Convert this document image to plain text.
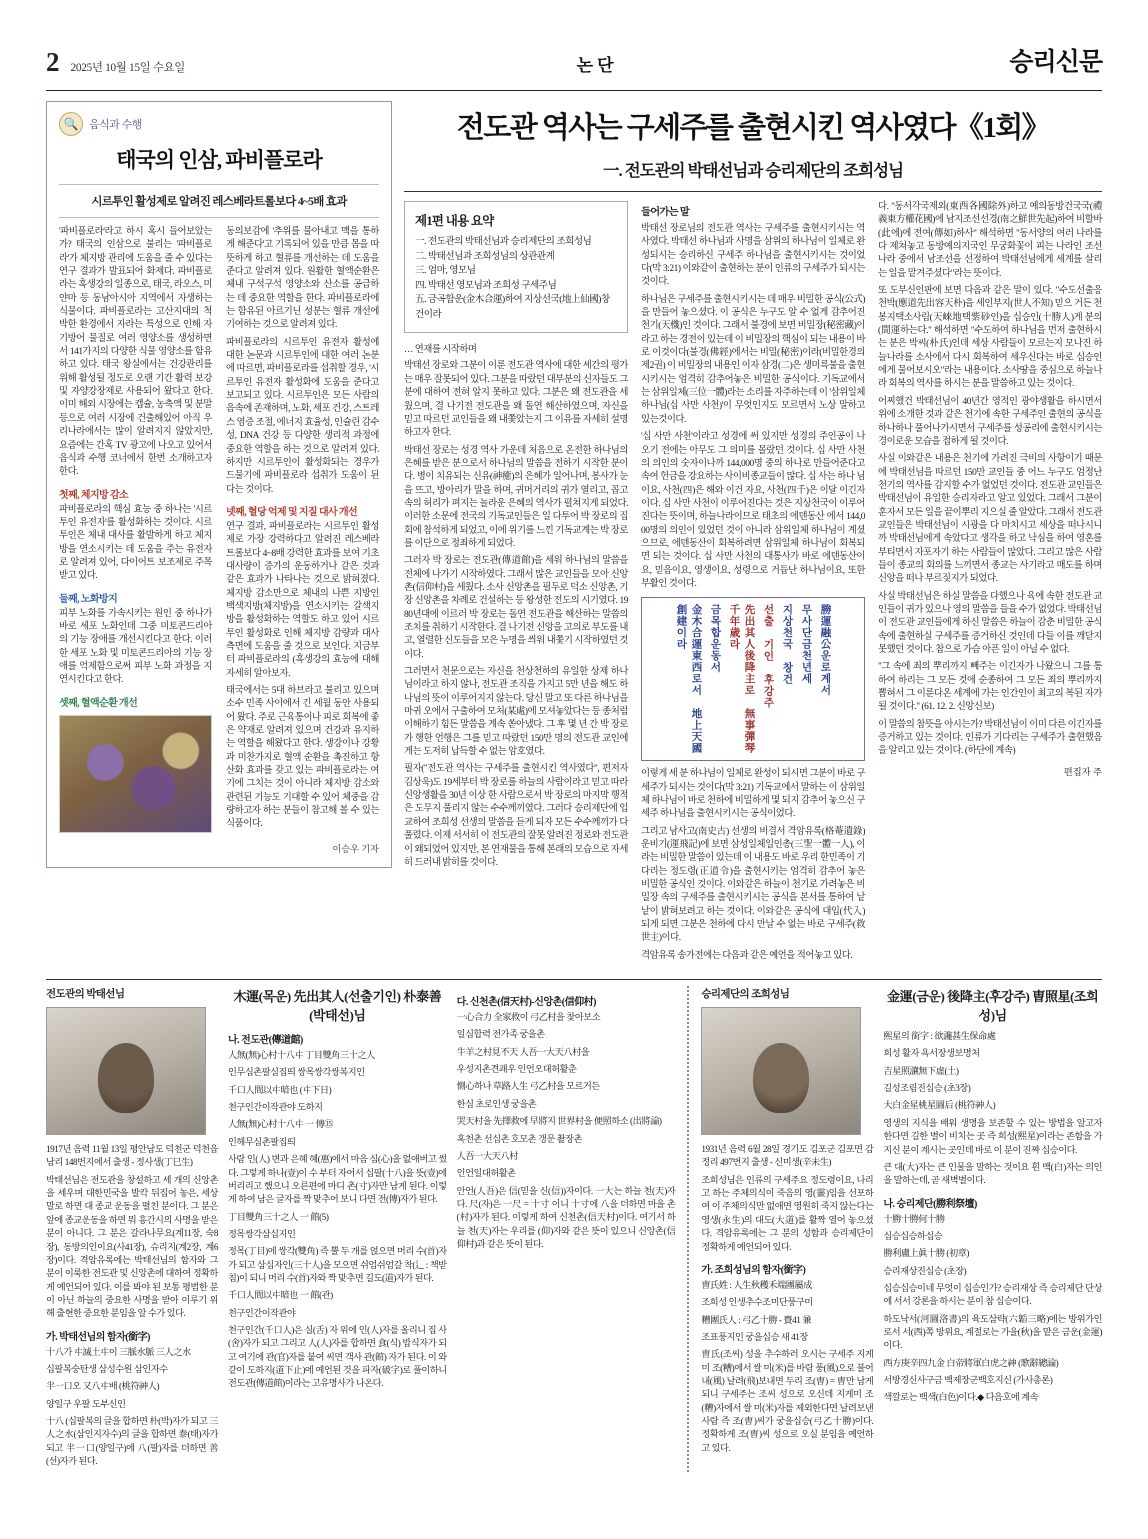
2 2025년 10월 15일 수요일	논단	승리신문
🔍 음식과 수행
태국의 인삼, 파비플로라
시르투인 활성제로 알려진 레스베라트롤보다 4~5배 효과

'파비플로라'라고 하시 혹시 들어보았는가? 태국의 인삼으로 불리는 '파비플로라'가 체지방 관리에 도움을 줄 수 있다는 연구 결과가 발표되어 화제다. 파비플로라는 흑생강의 일종으로, 태국, 라오스, 미얀마 등 동남아시아 지역에서 자생하는 식물이다. 파비플로라는 고산지대의 척박한 환경에서 자라는 특성으로 인해 자기방어 물질로 여러 영양소를 생성하면서 141가지의 다양한 식물 영양소를 함유하고 있다. 태국 왕실에서는 건강관리를 위해 활성될 정도로 오랜 기간 활력 보강 및 자양강장제로 사용되어 왔다고 한다. 이미 해외 시장에는 캡슐, 농축액 및 분말 등으로 여러 시장에 건출해있어 아직 우리나라에서는 많이 알려지지 않았지만, 요즘에는 간혹 TV 광고에 나오고 있어서 음식과 수행 코너에서 한번 소개하고자 한다.

첫째, 체지방 감소

파비플로라의 핵심 효능 중 하나는 '시르투인 유전자'를 활성화하는 것이다. 시르투인은 체내 대사를 활발하게 하고 체지방을 연소시키는 데 도움을 주는 유전자로 알려져 있어, 다이어트 보조제로 주목받고 있다.

둘째, 노화방지

피부 노화를 가속시키는 원인 중 하나가 바로 세포 노화인데 그중 미토콘드리아의 기능 장애를 개선시킨다고 한다. 이러한 세포 노화 및 미토콘드리아의 기능 장애를 억제함으로써 피부 노화 과정을 지연시킨다고 한다.

셋째, 혈액순환 개선

동의보감에 '추위를 물아내고 맥을 통하게 해준다'고 기록되어 있을 만큼 몸을 따뜻하게 하고 혈류를 개선하는 데 도움을 준다고 알려져 있다. 원활한 혈액순환은 체내 구석구석 영양소와 산소를 공급하는 데 중요한 역할을 한다. 파비플로라에는 함유된 아르기닌 성분는 혈류 개선에 기여하는 것으로 알려져 있다.

파비플로라의 시르투인 유전자 활성에 대한 논문과 시르투인에 대한 여러 논분에 따르면, 파비플로라를 섭취할 경우, '시르투인 유전자 활성화에 도움을 준다고 보고되고 있다. 시르투인은 모든 사람의 음속에 존재하며, 노화, 세포 건강, 스트레스 염증 조절, 에너지 효율성, 인슐린 감수성, DNA 건강 등 다양한 생리적 과정에 중요한 역할을 하는 것으로 알려져 있다. 하지만 시르투인이 활성화되는 경우가 드물기에 파비플로라 섭취가 도움이 된다는 것이다.

넷째, 혈당 억제 및 지질 대사 개선

연구 결과, 파비플로라는 시르투인 활성제로 가장 강력하다고 알려진 레스베라트롤보다 4~8배 강력한 효과를 보여 기초대사량이 증가의 운동하거나 같은 것과 같은 효과가 나타나는 것으로 밝혀졌다. 체지방 감소만으로 체내의 나쁜 지방인 백색지방(체지방)을 연소시키는 갈색지방을 활성화하는 역할도 하고 있어 시르투인 활성화로 인해 체지방 감량과 대사 측면에 도움을 줄 것으로 보인다. 지금부터 파비플로라의 (흑생강의 효능에 대해 자세히 알아보자.

태국에서는 5대 하브라고 불리고 있으며 소수 민족 사이에서 긴 세월 동안 사용되어 왔다. 주로 근육통이나 피로 회복에 좋은 약재로 알려져 있으며 건강과 유지하는 역할을 해왔다고 한다. 생강이나 강황과 미찬가지로 혈액 순환을 촉진하고 항산화 효과를 갖고 있는 파비플로라는 여기에 그치는 것이 아니라 체지방 감소와 관련된 기능도 기대할 수 있어 체중을 감량하고자 하는 분들이 참고해 볼 수 있는 식품이다.

이승우 기자
전도관 역사는 구세주를 출현시킨 역사였다《1회》
一. 전도관의 박태선님과 승리제단의 조희성님
제1편 내용 요약
一. 전도관의 박태선님과 승리제단의 조희성님
二. 박태선님과 조희성님의 상관관계
三. 엄마, 영모님
四. 박태선 영모님과 조희성 구세주님
五. 금곡합운(金木合運)하여 지상선국(地上仙國)창건이라
… 연재를 시작하며

박태선 장로와 그분이 이룬 전도관 역사에 대한 세간의 평가는 매우 잘못되어 있다. 그분을 따랐던 대부분의 신자들도 그분에 대하여 전혀 알지 못하고 있다. 그분은 왜 전도관을 세웠으며, 결 나기전 전도관을 왜 돌연 해산하였으며, 자신을 믿고 따르던 교인들을 왜 내쫓았는지 그 이유를 자세히 설명하고자 한다.

박태선 장로는 성경 역사 가운데 처음으로 온전한 하나님의 은혜를 받은 분으로서 하나님의 말씀을 전하기 시작한 분이다. 병이 치유되는 신유(神癒)의 은혜가 일어나며, 봉사가 눈을 뜨고, 방아리가 말을 하며, 귀머거리의 귀가 열리고, 꼽고 속의 허리가 펴지는 놀라운 은혜의 역사가 펼쳐지게 되었다. 이러한 소문에 전국의 기독교인들은 일 다투어 박 장로의 집회에 참석하게 되었고, 이에 위기를 느낀 기독교계는 박 장로를 이단으로 정죄하게 되었다.

그러자 박 장로는 전도관(傳道館)을 세워 하나님의 말씀을 전체에 나가기 시작하였다. 그래서 많은 교인들을 모아 신앙촌(信仰村)을 세웠다. 소사 신앙촌을 필두로 덕소 신앙촌, 기장 신앙촌을 차례로 건설하는 등 왕성한 전도의 시기였다. 1980년대에 이르러 박 장로는 돌연 전도관을 해산하는 말씀의 조치를 취하기 시작한다. 결 나기전 신앙을 고의로 부도를 내고, 열렬한 신도들을 모은 누명을 씌워 내쫓기 시작하였던 것이다.

그러면서 천문으로는 자신을 천상천하의 유일한 상제 하나님이라고 하지 않나, 전도관 조직을 가지고 5만 년을 해도 하나님의 뜻이 이루어지지 않는다. 당신 말고 또 다른 하나님을 마귀 오에서 구출하여 모처(某處)에 모셔놓았다는 등 종처럼 이해하기 힘든 말씀을 계속 쏟아냈다. 그 후 몇 년 간 박 장로가 행한 언행은 그를 믿고 따랐던 150만 명의 전도관 교인에게는 도저히 납득할 수 없는 암호였다.

필자("전도관 역사는 구세주를 출현시킨 역사였다", 편저자 김상욱)도 19세부터 박 장로를 하늘의 사람이라고 믿고 따라 신앙생활을 30년 이상 한 사람으로서 박 장로의 마지막 행적은 도무지 풀리지 않는 수수께끼였다. 그러다 승리제단에 입교하여 조희성 선생의 말씀을 듣게 되자 모든 수수께끼가 다 풀렸다. 이제 서서히 이 전도관의 잘못 알려진 정로와 전도관이 왜되었어 있지만, 본 연재물을 통해 본래의 모습으로 자세히 드러내 밝히를 것이다.

들어가는 말

박태선 장로님의 전도관 역사는 구세주를 출현시키시는 역사였다. 박태선 하나님과 사명을 삼위의 하나님이 일체로 완성되시는 승리하신 구세주 하나님을 출현시키시는 것이었다(막 3:21) 이와같이 출현하는 분이 인류의 구세주가 되시는 것이다.

하나님은 구세주를 출현시키시는 데 매우 비밀한 공식(公式)을 만들어 놓으셨다. 이 공식은 누구도 알 수 없게 감추어진 천기(天機)인 것이다. 그래서 불경에 보면 비밀장(秘密藏)이라고 하는 경전이 있는데 이 비밀장의 핵심이 되는 내용이 바로 이것이다(불경(佛經)에서는 비밀(秘密)이라(비밀한경의 제2권) 이 비밀장의 내용인 이자 삼경(二)은 생미륵불을 출현시키시는 엄격히 감추어놓은 비밀한 공식이다. 기독교에서는 삼위일체(三位一體)라는 소리를 자주하는데 이 '삼위일체 하나님(십 사만 사천)'이 무엇인지도 모르면서 노상 말하고 있는것이다.

'십 사만 사천'이라고 성경에 써 있지만 성경의 주인공이 나오기 전에는 아무도 그 의미를 몰랐던 것이다. 십 사만 사천의 의인의 숫자이나까 144,000명 중의 하나로 만들어준다고 속여 헌금을 강요하는 사이비종교들이 많다. 십 사는 하나 님이요, 사천(四)은 해와 이건 자요, 사천(四千)은 이달 이긴자이다. 십 사만 사천이 이루어진다는 것은 지상천국이 이루어진다는 뜻이며, 하늘나라이므로 태초의 에덴동산 에서 144,000명의 의인이 있었던 것이 아니라 삼위일체 하나님이 계셨으므로, 에덴동산이 회복하려면 삼위일체 하나님이 회복되면 되는 것이다. 십 사만 사천의 대통사가 바로 에덴동산이요, 믿음이요, 영생이요, 성령으로 거듭난 하나님이요, 또한 부활인 것이다.

金木合運東西로서 地上天國 創建이라	금목합운동서	先出其人後降主로 無事彈琴千年歲라	선출 기인 후강주 지상천국 창건 무사단금천년세 勝運融公운로계서

이렇게 세 분 하나님이 일체로 완성이 되시면 그분이 바로 구세주가 되시는 것이다(막 3:21) 기독교에서 말하는 이 삼위일체 하나님이 바로 천하에 비밀하게 몇 되지 감추어 놓으신 구세주 하나님을 출현시키시는 공식이었다.

그리고 남사고(南史古) 선생의 비결서 격암유록(格菴遺錄) 운비기(運飛記)에 보면 삼성일체일인총(三聖一體一人), 이라는 비밀한 말씀이 있는데 이 내용도 바로 우리 한민족이 기다리는 정도령(正道令)을 출현시키는 엄격히 감추어 놓은 비밀한 공식인 것이다. 이와같은 하늘이 천기로 가려놓은 비밀장 속의 구세주를 출현시키시는 공식을 본서를 통하여 낱낱이 밝혀보려고 하는 것이다. 이와같은 공식에 대입(代入)되게 되면 그분은 천하에 다시 만날 수 없는 바로 구세주(救世主)이다.

격암유록 송가전에는 다음과 같은 예언을 적어놓고 있다.

다. "동서각국제외(東西各國除外)하고 예의동방건국국(禮義東方權花國)에 남지조선선경(南之鮮世先起)하여 비할바(此에)에 전여(傳如)하사" 해석하면 "동서양의 여러 나라를 다 제쳐놓고 동방예의지국인 무궁화꽃이 피는 나라인 조선나라 중에서 남조선을 선정하여 박태선님에게 세계를 살리는 일을 맡겨주셨다"라는 뜻이다.

또 도부신인판에 보면 다음과 같은 말이 있다. "수도선출응천박(應道先出容天朴)을 세인부지(世人不知) 믿으 거든 천봉지택소사림(天崍地택紫砂인)을 십승인(十勝人)게 분의(聞運하는다." 해석하면 "수도하여 하나님을 먼저 출현하시는 분은 박씨(朴氏)인데 세상 사람들이 모르는지 모나진 하늘나라를 소사에서 다시 회복하여 세우신다는 바로 십승인에게 물어보시오"라는 내용이다. 소사땅을 중심으로 하늘나라 회복의 역사를 하시는 분을 말씀하고 있는 것이다.

어찌했건 박태선님이 40년간 영적인 광야생활을 하시면서 위에 소개한 것과 같은 천기에 속한 구세주인 출현의 공식을 하나하나 풀어나가시면서 구세주를 성공리에 출현시키시는 경이로운 모습을 접하게 될 것이다.

사실 이와같은 내용은 천기에 가려진 극비의 사항이기 때문에 박태선님을 따르던 150만 교인들 중 어느 누구도 엄정난 천기의 역사를 감지할 수가 없었던 것이다. 전도관 교인들은 박태선님이 유일한 승리자라고 알고 있었다. 그래서 그분이 훈자서 모든 일을 끝이뿌리 지으실 줄 알았다. 그래서 전도관 교인들은 박태선님이 시광을 다 마치시고 세상을 떠나시니까 박태선님에게 속았다고 생각을 하고 낙심을 하여 영혼를 부티면서 자포자기 하는 사람들이 많았다. 그리고 많은 사람들이 종교의 회의를 느끼면서 종교는 사기라고 매도를 하며 신앙을 떠나 부르짖지가 되었다.

사실 박태선님은 하실 말씀을 다했으나 육에 속한 전도관 교인들이 귀가 있으나 영의 말씀을 들을 수가 없었다. 박태선님이 전도관 교인들에게 하신 말씀은 하늘이 감춘 비밀한 공식 속에 출현하실 구세주를 증거하신 것인데 다들 이를 깨닫지 못했던 것이다. 참으로 가슴 아픈 일이 아닐 수 없다.

"그 속에 죄의 뿌리까지 빼주는 이긴자가 나왔으니 그를 통하여 하리는 그 모든 것에 순종하여 그 모든 죄의 뿌리까지 뽑혀서 그 이룬다온 세계에 가는 인간인이 최고의 복된 자가 될 것이다." (61. 12. 2. 신앙신보)

이 말씀의 참뜻을 아시는가? 박태선님이 이미 다른 이긴자를 증거하고 있는 것이다. 인류가 기다리는 구세주가 출현했음을 알리고 있는 것이다. (하단에 계속)

편집자 주
전도관의 박태선님

1917년 음력 11월 13일 평안남도 덕천군 덕천읍 남리 148번지에서 출생 - 정사생(丁巳生)

박태선님은 전도관을 창설하고 세 개의 신앙촌을 세우며 대한민국을 발칵 뒤집어 놓은, 세상말로 하면 대 종교 운동을 펼친 분이다. 그 분은 앞에 종교운동을 하면 뭐 흥간시의 사명을 받은 분이 아니다. 그 분은 갈라나무요(계11장, 숙8장), 동방의인이요(사41장), 슈리지(계2장, 계6장)이다. 격암유록에는 박태선님의 함자와 그 분이 이룩한 전도관 및 신앙촌에 대하여 정확하게 예언되어 있다. 이를 봐야 된 보통 평범한 분이 아닌 하늘의 중요한 사명을 받아 이루기 위해 출현한 중요한 분임을 알 수가 있다.

가. 박태선님의 함자(銜字)

十八가 㐄滅土㐄이 三脈水脈 三人之水

십팔복숭탄생 삼성수원 삼인자수

半一口오 又八㐄배 (桃符神人)

양일구 우팔 도부신인

十八 (십팔복의 글을 합하면 朴(박)자가 되고 三人之水(삼인지자수)의 글을 합하면 泰(태)자가 되고 半一口(양일구)에 八(팔)자를 더하면 善(선)자가 된다.

木運(목운) 先出其人(선출기인) 朴泰善(박태선)님
나. 전도관(傳道館)

人無(無)心村十八㐄 丁目雙角三十之人

인무심촌팔심집띄 쌍목쌍각쌍복지인

千口人間以㐄暗也 (㐄下日)

천구인간이작관야 도하지

人無(無)心村十八㐄 一 傳⑮

인해무심촌팔집띄

사람 인(人) 변과 은혜 혜(惠)에서 마음 심(心)을 없애버고 썼다. 그렇게 하나(壹)이 수 부터 자어서 십팔(十八)을 뜻(壹)에 버리리고 했으니 오른편에 마디 촌(寸)자만 남게 된다. 이렇게 하여 남은 글자를 짝 맞추어 보니 다면 전(傳)자가 된다.

丁目雙角三十之人 一 館(5)

정목쌍각삼십지인

정목(丁目)에 쌍각(雙角) 즉 뿔 두 개를 얹으면 머리 수(首)자가 되고 삼십자인(三十人)을 모으면 쉬엄쉬엄갈 착(辶 : 책받침)이 되니 머리 수(首)자와 짝 맞추면 길도(道)자가 된다.

千口人間以㐄暗也 一 館(관)

천구인간이작관야

천구인간(千口人)은 실(舌) 자 위에 인(人)자를 올리니 집 사(舍)자가 되고 그리고 人(人)자를 합하면 食(식) 밥식자가 되고 여기에 관(官)자를 붙여 씨면 객사 관(館) 자가 된다. 이 와 같이 도하지(道下止)에 예언된 것을 파자(破字)로 풀이하니 전도관(傳道館)이라는 고유명사가 나온다.

다. 신천촌(信天村)-신앙촌(信仰村)

一心合力 全家救이 弓乙村을 찾아보소

일심합력 전가족 궁을촌

牛羊之村見不天 人吾一大天八村을

우성지촌견괘우 인언오대허활춘

惻心하나 草路人生 弓乙村을 모르거든

한심 초로인생 궁을촌

哭天村을 先擇救에 早將지 世界村을 便照하소 (出將論)

혹천촌 선십촌 호모촌 갱문 촬장촌

人吾一大天八村

인언일대허활촌

안언(人吾)은 信(믿을 신(信))자이다. 一大는 하늘 천(天)자다. 尺(자)은 一尺 = 十寸 이니 十寸에 八을 더하면 마을 촌(村)자가 된다. 이렇게 하여 신천촌(信天村)이다. 여기서 하늘 천(天)자는 우리를 (仰)자와 같은 뜻이 있으니 신앙촌(信仰村)과 같은 뜻이 된다.

승리제단의 조희성님

1931년 음력 6월 28일 경기도 김포군 김포면 감정리 497번지 출생 - 신미생(辛未生)

조희성님은 인류의 구세주요 정도령이요, 나리고 하는 주체의식이 죽음의 영(靈)임을 선포하여 이 주체의식만 없애면 영원히 죽지 않는다는 영생(永生)의 대도(大道)를 활짝 열어 놓으셨다. 격암유록에는 그 분의 성함과 승리제단이 정확하게 예언되어 있다.

가. 조희성님의 함자(銜字)

曺氏姓 : 人生秋穫禾端團屬成

조희성 인생추수조미단풍구미

糟團氏人 : 弓乙十勝 - 賚41 兼

조표풍지인 궁을십승 새 41장

曺氏(조씨) 성을 추수하러 오시는 구세주 지게미 조(糟)에서 쌀 미(米)를 바람 풍(風)으로 불어 내(風) 날려(飛)보내면 두리 조(曺) = 曺만 남게 되니 구세주는 조씨 성으로 오신데 지게미 조(糟)자에서 쌀 미(米)자를 제외한다면 날려보낸 사람 즉 조(曺)씨가 궁을십승(弓乙十勝)이다. 정확하게 조(曺)씨 성으로 오실 분임을 예언하고 있다.

金運(금운) 後降主(후강주) 曺照星(조희성)님

熙星의 銜字 : 欲讒甚生保命處

희성 활자 욕서장생보명처

吉星照讓無下虛(土)

길성조림진십승 (초3장)

大白金星桃星圖后 (桃符神人)

영생의 지식을 배워 생명을 보존할 수 있는 방법을 알고자 한다면 길한 별이 비치는 곳 즉 희성(熙星)이라는 존함을 가지신 분이 계시는 곳인데 바로 이 분이 진짜 십승이다.

큰 대(大)자는 큰 인물을 말하는 것이요 흰 백(白)자는 의인을 말하는데, 곧 새벽별이다.

나. 승리제단(勝利祭壇)

十勝十勝何十勝

십승십승하십승

勝利盧上眞十勝 (初章)

승리재상진십승 (초장)

십승십승이네 무엇이 십승인가? 승리재상 즉 승리제단 단상에 서서 강론을 하시는 분이 참 십승이다.

하도낙서(河圖洛書)의 육도삼략(六韜三略)에는 방위가인로서 서(西)쪽 방위요, 계절로는 가을(秋)을 맡은 금운(金運)이다.

西方庚辛四九金 白帝將軍白虎之神 (歌辭總論)

서방경신사구금 백제장군백호지신 (가사총론)

색깔로는 백색(白色)이다.◆ 다음호에 계속
